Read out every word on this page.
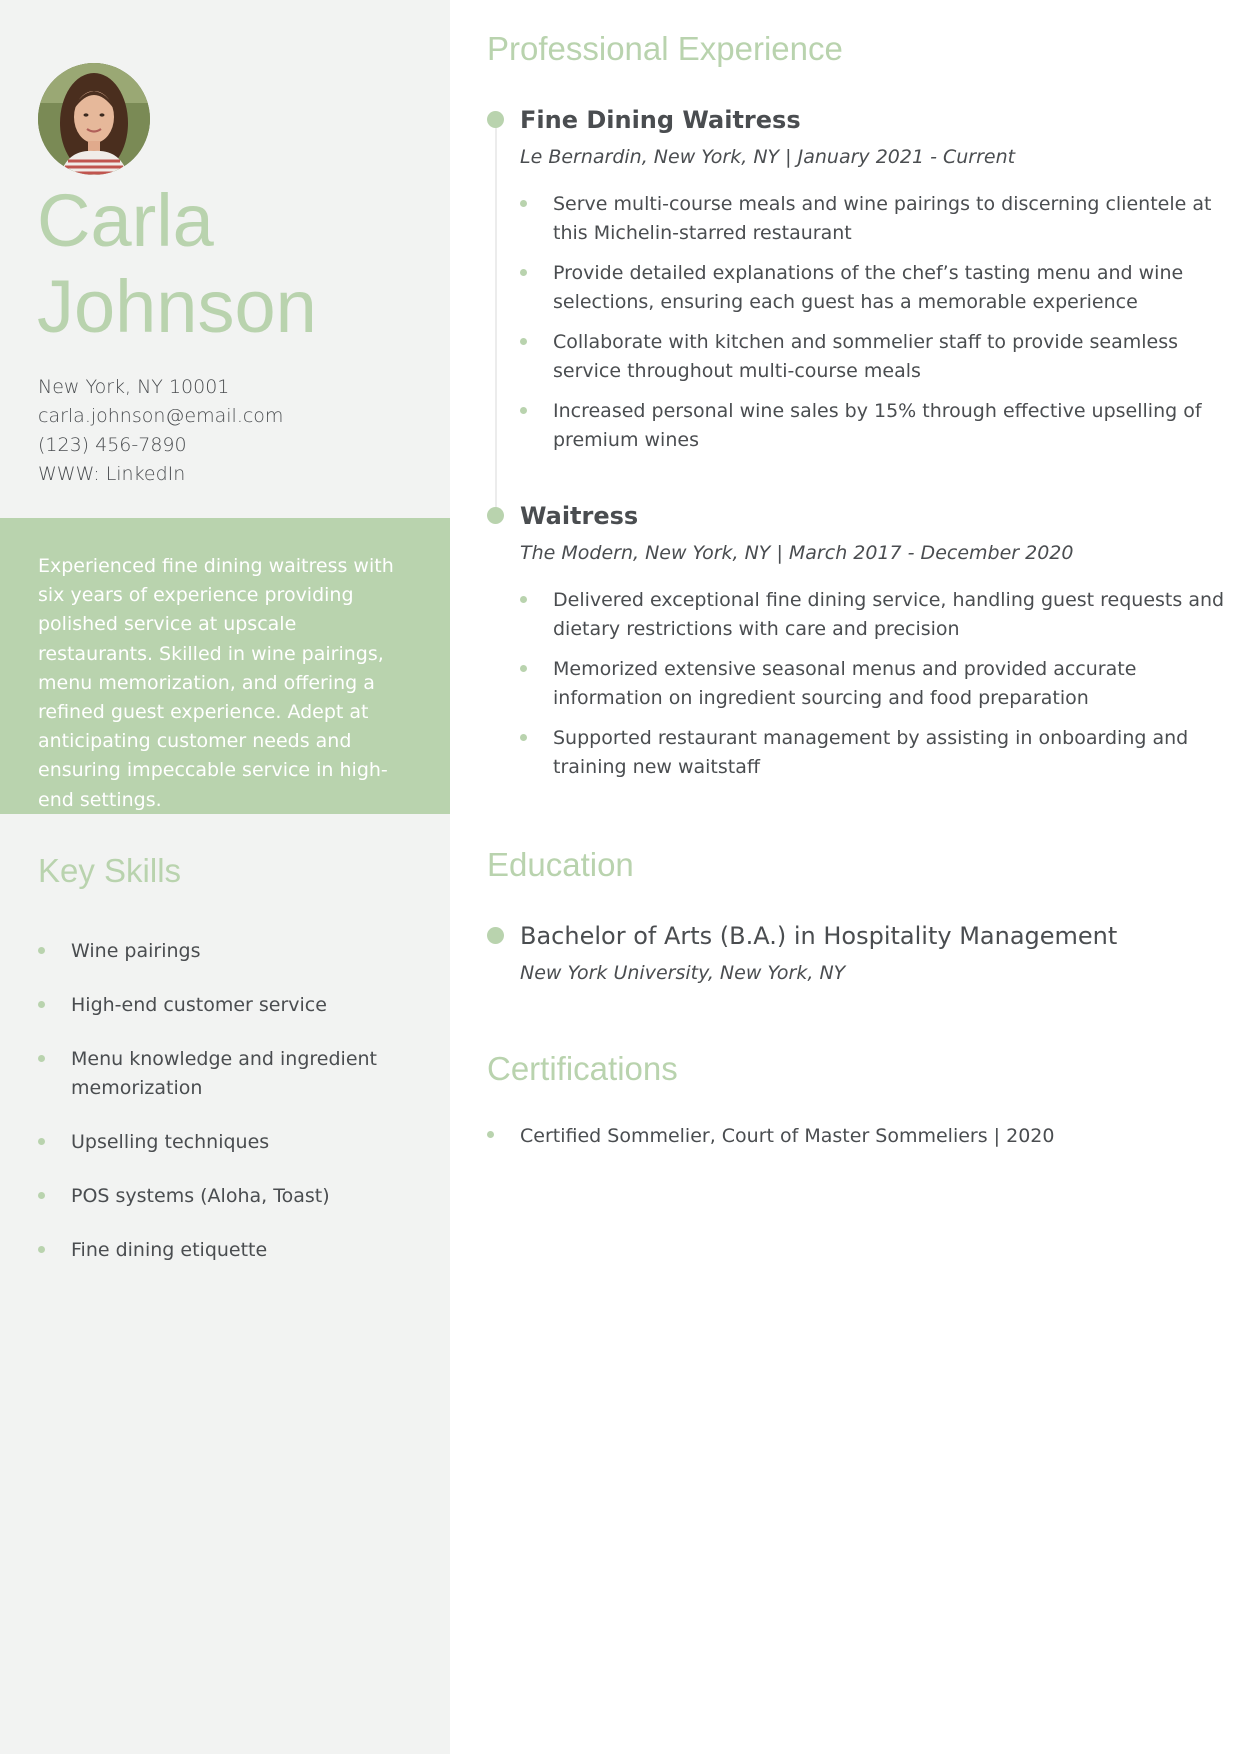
Carla
Johnson
New York, NY 10001
carla.johnson@email.com
(123) 456-7890
WWW: LinkedIn

Experienced fine dining waitress with six years of experience providing polished service at upscale restaurants. Skilled in wine pairings, menu memorization, and offering a refined guest experience. Adept at anticipating customer needs and ensuring impeccable service in high-end settings.

Key Skills
Wine pairings
High-end customer service
Menu knowledge and ingredient memorization
Upselling techniques
POS systems (Aloha, Toast)
Fine dining etiquette
Professional Experience
Fine Dining Waitress
Le Bernardin, New York, NY | January 2021 - Current
Serve multi-course meals and wine pairings to discerning clientele at this Michelin-starred restaurant
Provide detailed explanations of the chef’s tasting menu and wine selections, ensuring each guest has a memorable experience
Collaborate with kitchen and sommelier staff to provide seamless service throughout multi-course meals
Increased personal wine sales by 15% through effective upselling of premium wines
Waitress
The Modern, New York, NY | March 2017 - December 2020
Delivered exceptional fine dining service, handling guest requests and dietary restrictions with care and precision
Memorized extensive seasonal menus and provided accurate information on ingredient sourcing and food preparation
Supported restaurant management by assisting in onboarding and training new waitstaff
Education
Bachelor of Arts (B.A.) in Hospitality Management
New York University, New York, NY
Certifications
Certified Sommelier, Court of Master Sommeliers | 2020
